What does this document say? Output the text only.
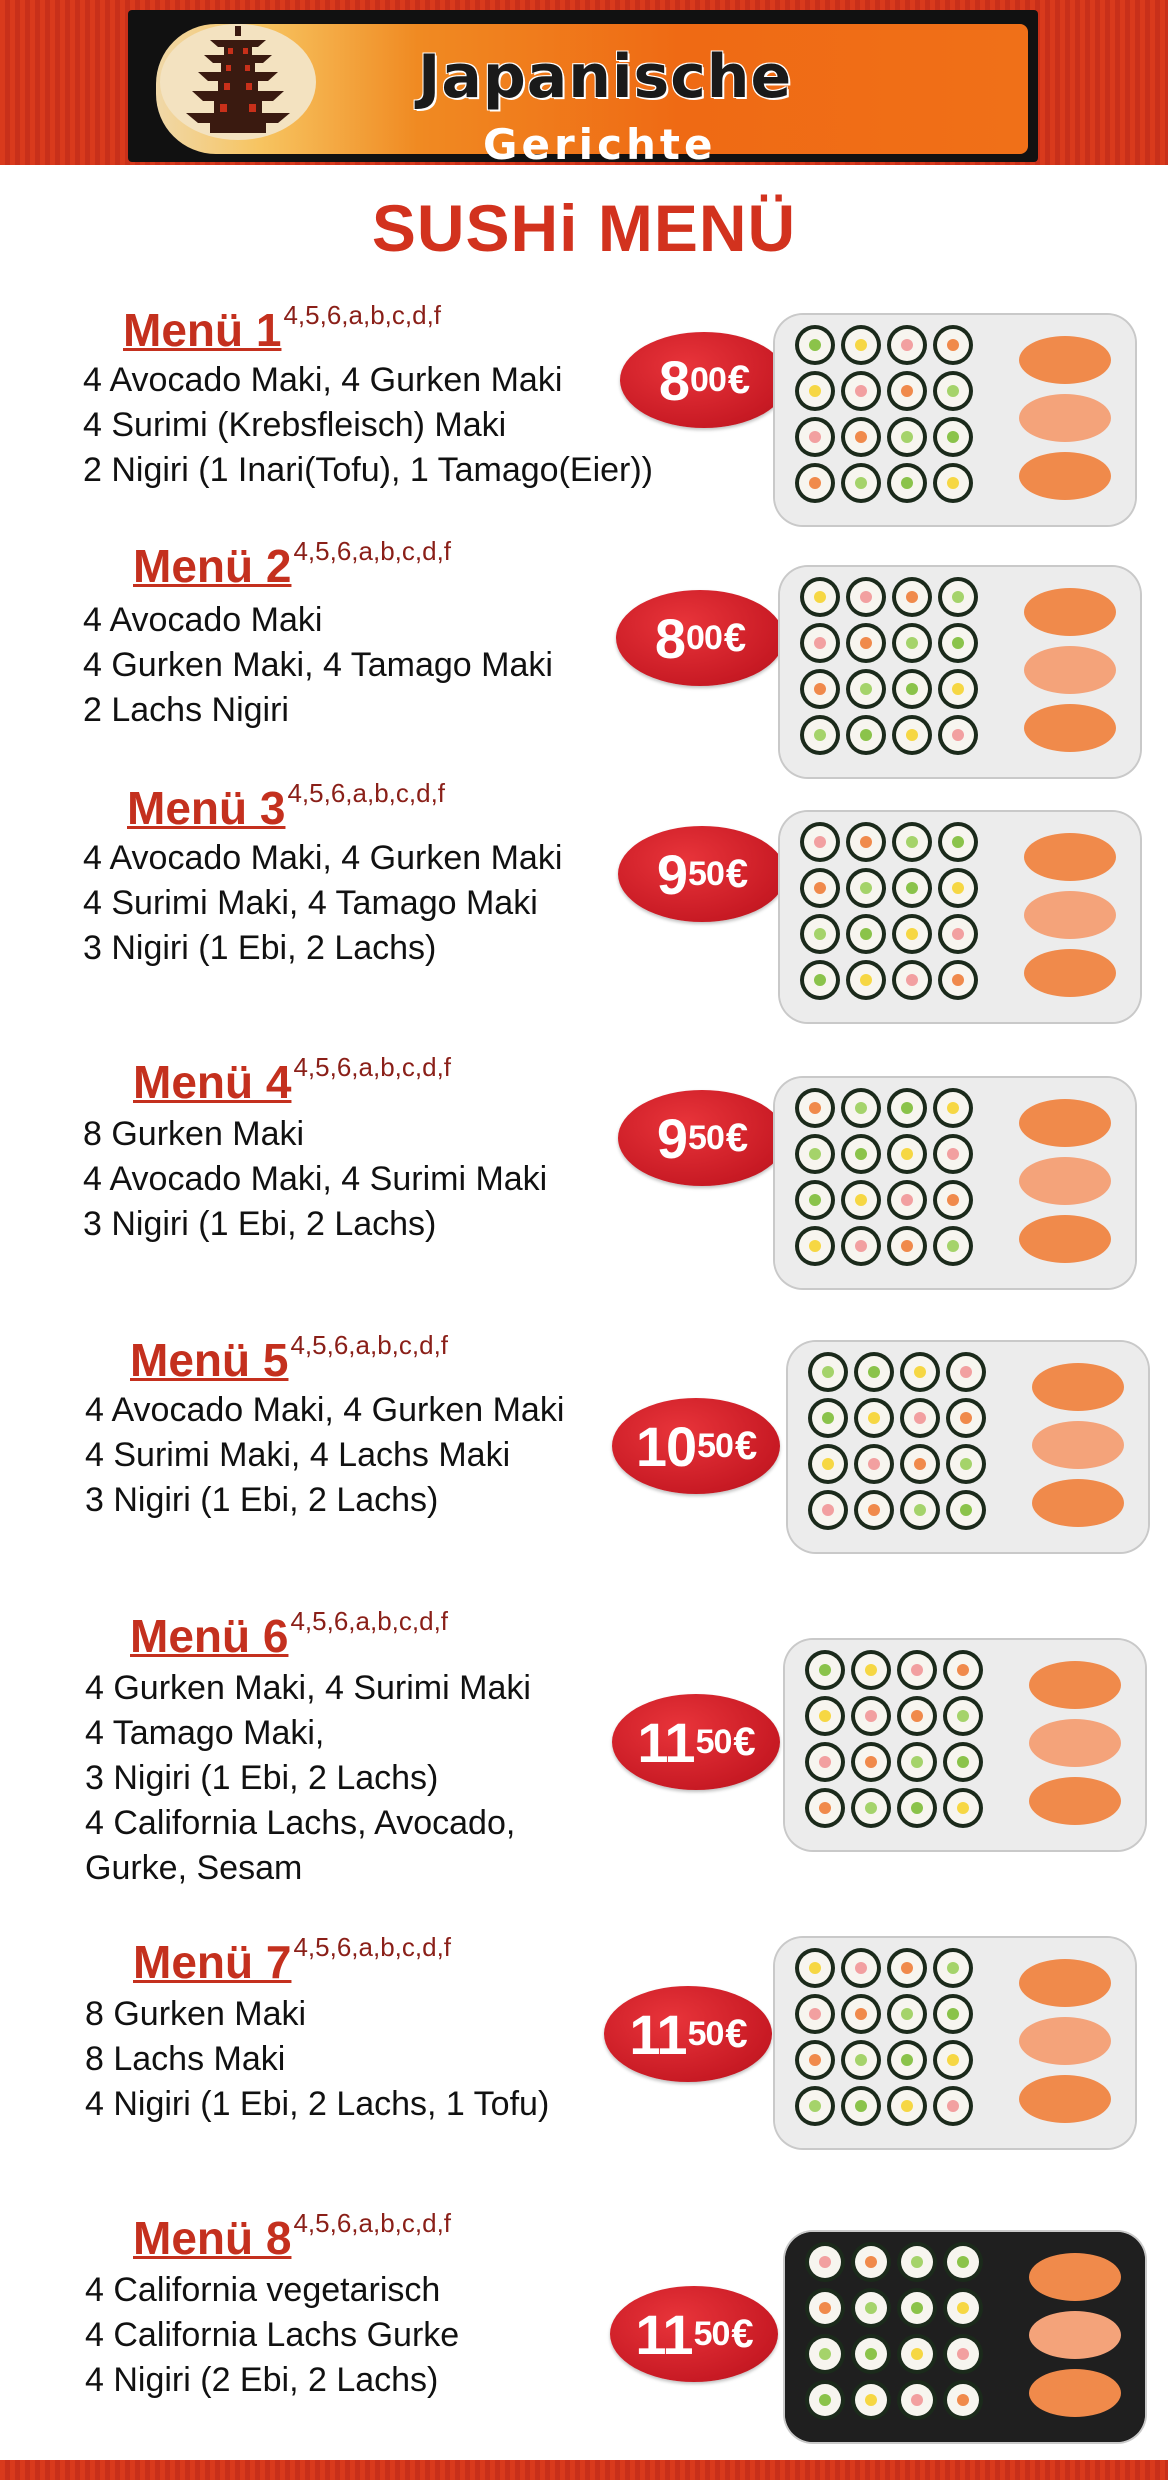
Japanische
Gerichte
SUSHi MENÜ
Menü 1$^{4,5,6,a,b,c,d,f}$
4 Avocado Maki, 4 Gurken Maki
4 Surimi (Krebsfleisch) Maki
2 Nigiri (1 Inari(Tofu), 1 Tamago(Eier))
8 00 €
Menü 2$^{4,5,6,a,b,c,d,f}$
4 Avocado Maki
4 Gurken Maki, 4 Tamago Maki
2 Lachs Nigiri
8 00 €
Menü 3$^{4,5,6,a,b,c,d,f}$
4 Avocado Maki, 4 Gurken Maki
4 Surimi Maki, 4 Tamago Maki
3 Nigiri (1 Ebi, 2 Lachs)
9 50 €
Menü 4$^{4,5,6,a,b,c,d,f}$
8 Gurken Maki
4 Avocado Maki, 4 Surimi Maki
3 Nigiri (1 Ebi, 2 Lachs)
9 50 €
Menü 5$^{4,5,6,a,b,c,d,f}$
4 Avocado Maki, 4 Gurken Maki
4 Surimi Maki, 4 Lachs Maki
3 Nigiri (1 Ebi, 2 Lachs)
10 50 €
Menü 6$^{4,5,6,a,b,c,d,f}$
4 Gurken Maki, 4 Surimi Maki
4 Tamago Maki,
3 Nigiri (1 Ebi, 2 Lachs)
4 California Lachs, Avocado,
Gurke, Sesam
11 50 €
Menü 7$^{4,5,6,a,b,c,d,f}$
8 Gurken Maki
8 Lachs Maki
4 Nigiri (1 Ebi, 2 Lachs, 1 Tofu)
11 50 €
Menü 8$^{4,5,6,a,b,c,d,f}$
4 California vegetarisch
4 California Lachs Gurke
4 Nigiri (2 Ebi, 2 Lachs)
11 50 €
